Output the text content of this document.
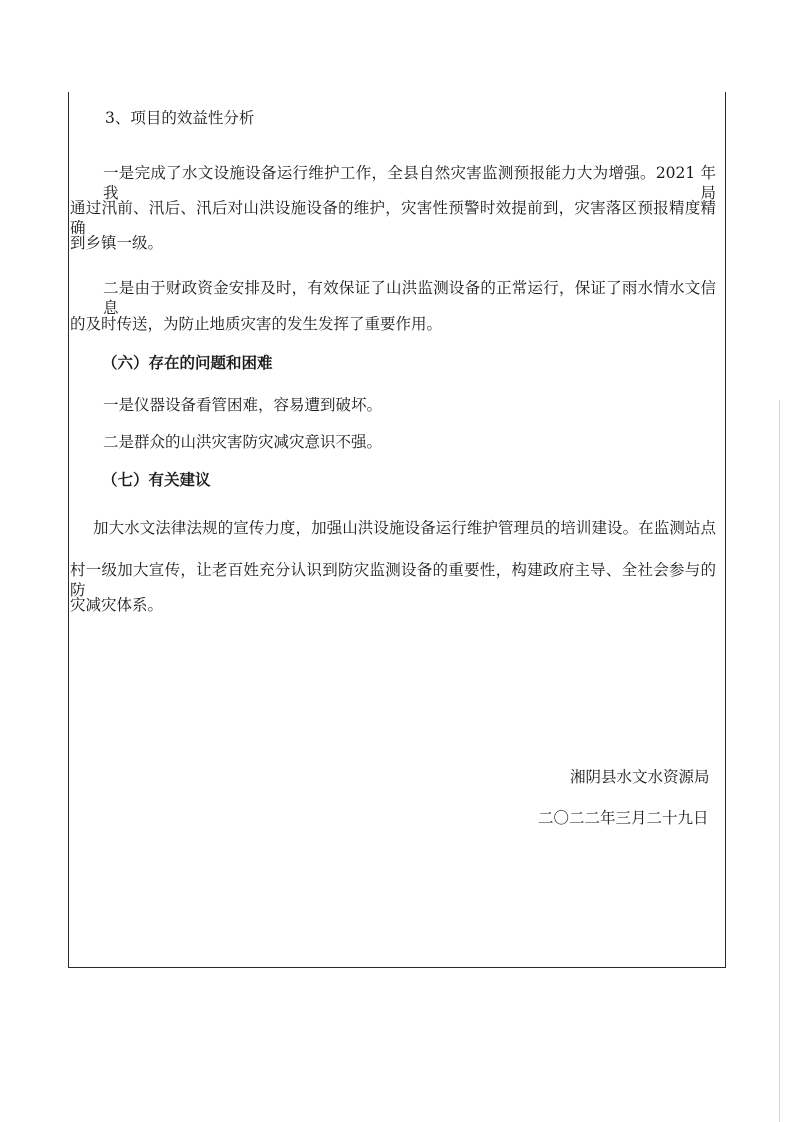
3、项目的效益性分析
一是完成了水文设施设备运行维护工作，全县自然灾害监测预报能力大为增强。2021 年我局
通过汛前、汛后、汛后对山洪设施设备的维护，灾害性预警时效提前到，灾害落区预报精度精确
到乡镇一级。
二是由于财政资金安排及时，有效保证了山洪监测设备的正常运行，保证了雨水情水文信息
的及时传送，为防止地质灾害的发生发挥了重要作用。
（六）存在的问题和困难
一是仪器设备看管困难，容易遭到破坏。
二是群众的山洪灾害防灾减灾意识不强。
（七）有关建议
加大水文法律法规的宣传力度，加强山洪设施设备运行维护管理员的培训建设。在监测站点
村一级加大宣传，让老百姓充分认识到防灾监测设备的重要性，构建政府主导、全社会参与的防
灾减灾体系。
湘阴县水文水资源局
二〇二二年三月二十九日
